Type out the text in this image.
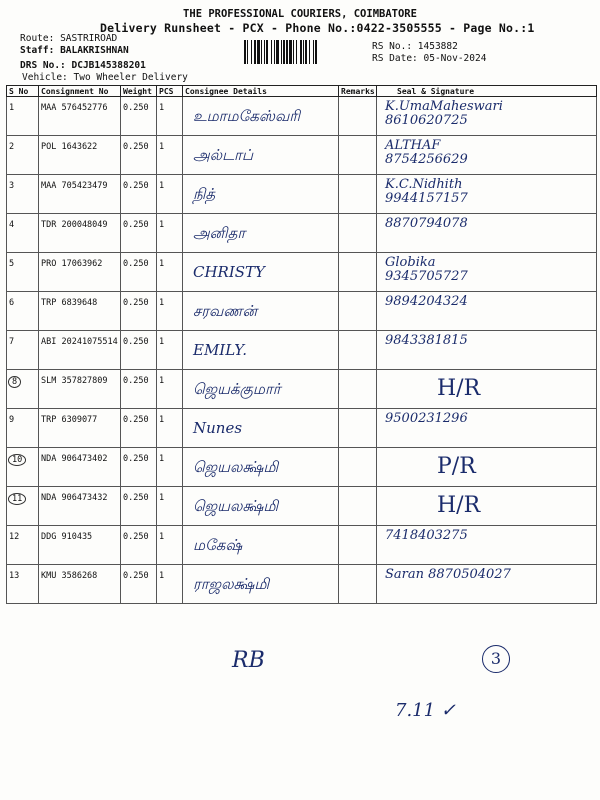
THE PROFESSIONAL COURIERS, COIMBATORE
Delivery Runsheet - PCX - Phone No.:0422-3505555 - Page No.:1
Route: SASTRIROAD
Staff: BALAKRISHNAN
DRS No.: DCJB145388201
Vehicle: Two Wheeler Delivery
RS No.: 1453882
RS Date: 05-Nov-2024
S No	Consignment No	Weight	PCS	Consignee Details	Remarks	Seal & Signature

1	MAA 576452776	0.250	1	உமாமகேஸ்வரி		K.UmaMaheswari
8610620725

2	POL 1643622	0.250	1	அல்டாப்		ALTHAF
8754256629

3	MAA 705423479	0.250	1	நித்		K.C.Nidhith
9944157157

4	TDR 200048049	0.250	1	அனிதா		8870794078

5	PRO 17063962	0.250	1	CHRISTY		Globika
9345705727

6	TRP 6839648	0.250	1	சரவணன்		9894204324

7	ABI 20241075514	0.250	1	EMILY.		9843381815

8	SLM 357827809	0.250	1	ஜெயக்குமார்		H/R

9	TRP 6309077	0.250	1	Nunes		9500231296

10	NDA 906473402	0.250	1	ஜெயலக்ஷ்மி		P/R

11	NDA 906473432	0.250	1	ஜெயலக்ஷ்மி		H/R

12	DDG 910435	0.250	1	மகேஷ்		7418403275

13	KMU 3586268	0.250	1	ராஜலக்ஷ்மி		Saran 8870504027
RB	3
7.11 ✓
